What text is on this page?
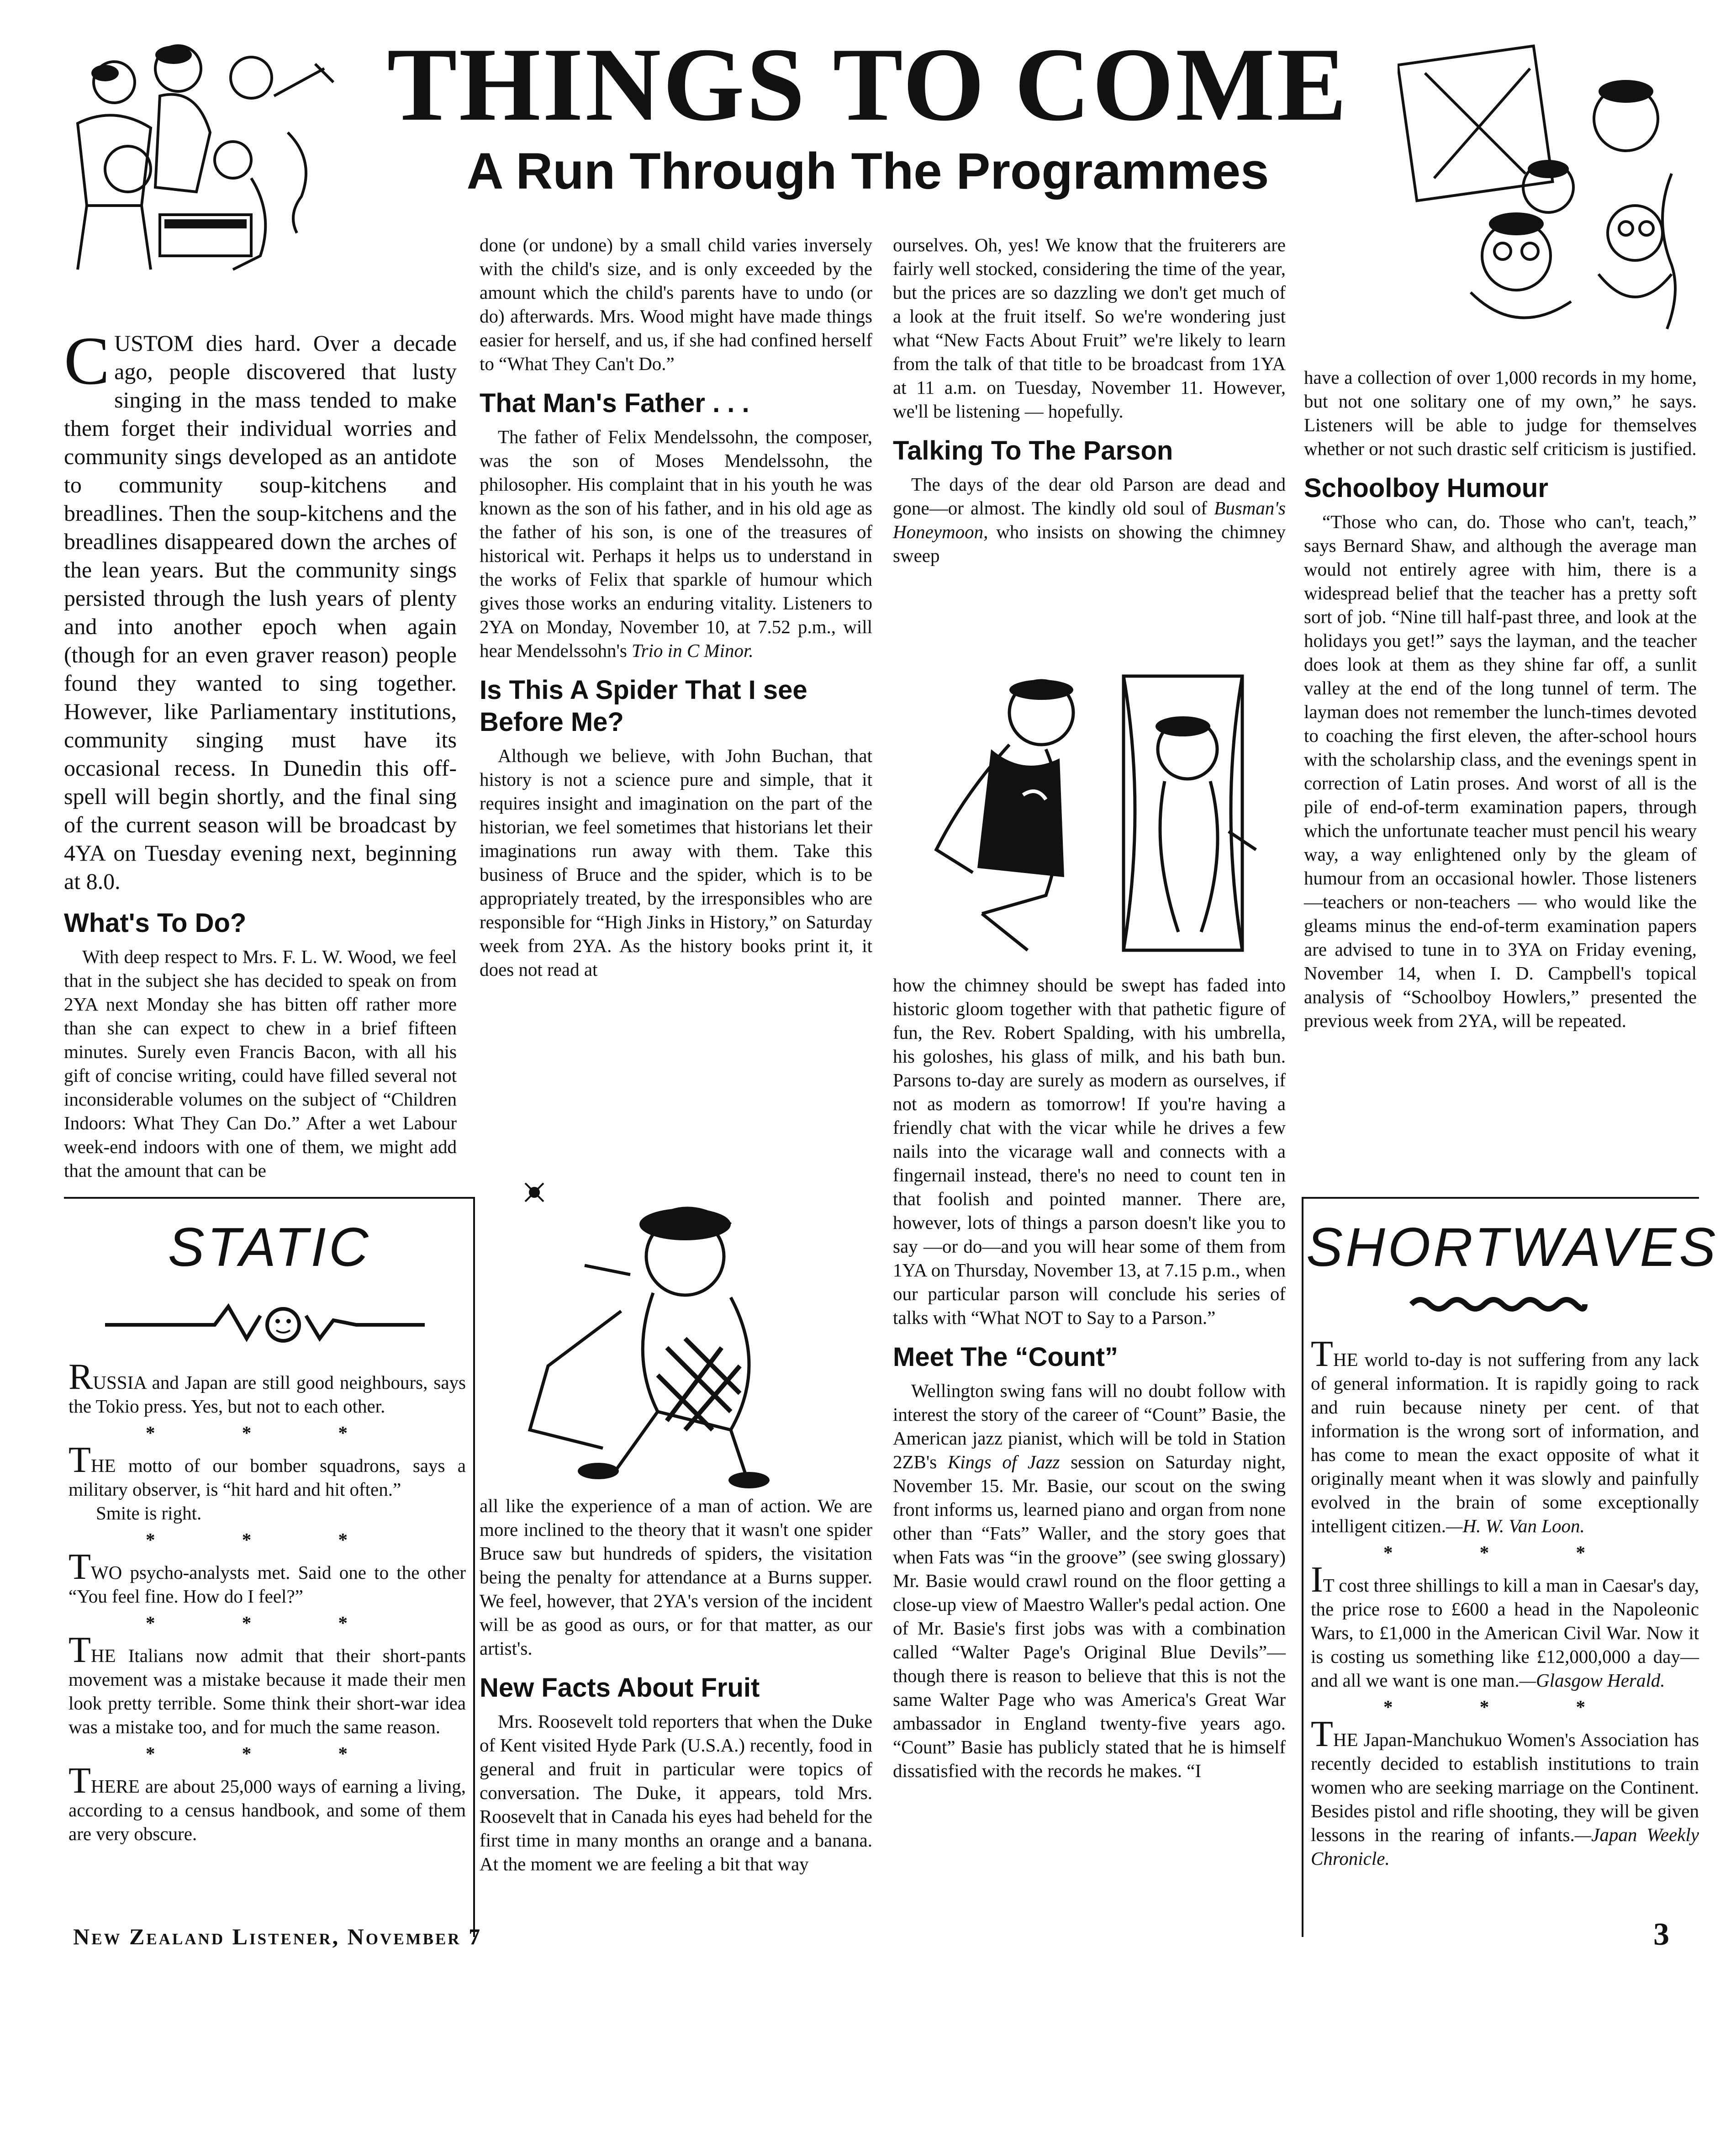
THINGS TO COME
A Run Through The Programmes

CUSTOM dies hard. Over a decade ago, people discovered that lusty singing in the mass tended to make them forget their individual worries and community sings developed as an antidote to community soup-kitchens and breadlines. Then the soup-kitchens and the breadlines disappeared down the arches of the lean years. But the community sings persisted through the lush years of plenty and into another epoch when again (though for an even graver reason) people found they wanted to sing together. However, like Parliamentary institutions, community singing must have its occasional recess. In Dunedin this off-spell will begin shortly, and the final sing of the current season will be broadcast by 4YA on Tuesday evening next, beginning at 8.0.

What's To Do?

With deep respect to Mrs. F. L. W. Wood, we feel that in the subject she has decided to speak on from 2YA next Monday she has bitten off rather more than she can expect to chew in a brief fifteen minutes. Surely even Francis Bacon, with all his gift of concise writing, could have filled several not inconsiderable volumes on the subject of “Children Indoors: What They Can Do.” After a wet Labour week-end indoors with one of them, we might add that the amount that can be

done (or undone) by a small child varies inversely with the child's size, and is only exceeded by the amount which the child's parents have to undo (or do) afterwards. Mrs. Wood might have made things easier for herself, and us, if she had confined herself to “What They Can't Do.”

That Man's Father . . .

The father of Felix Mendelssohn, the composer, was the son of Moses Mendelssohn, the philosopher. His complaint that in his youth he was known as the son of his father, and in his old age as the father of his son, is one of the treasures of historical wit. Perhaps it helps us to understand in the works of Felix that sparkle of humour which gives those works an enduring vitality. Listeners to 2YA on Monday, November 10, at 7.52 p.m., will hear Mendelssohn's Trio in C Minor.

Is This A Spider That I see Before Me?

Although we believe, with John Buchan, that history is not a science pure and simple, that it requires insight and imagination on the part of the historian, we feel sometimes that historians let their imaginations run away with them. Take this business of Bruce and the spider, which is to be appropriately treated, by the irresponsibles who are responsible for “High Jinks in History,” on Saturday week from 2YA. As the history books print it, it does not read at

all like the experience of a man of action. We are more inclined to the theory that it wasn't one spider Bruce saw but hundreds of spiders, the visitation being the penalty for attendance at a Burns supper. We feel, however, that 2YA's version of the incident will be as good as ours, or for that matter, as our artist's.

New Facts About Fruit

Mrs. Roosevelt told reporters that when the Duke of Kent visited Hyde Park (U.S.A.) recently, food in general and fruit in particular were topics of conversation. The Duke, it appears, told Mrs. Roosevelt that in Canada his eyes had beheld for the first time in many months an orange and a banana. At the moment we are feeling a bit that way

ourselves. Oh, yes! We know that the fruiterers are fairly well stocked, considering the time of the year, but the prices are so dazzling we don't get much of a look at the fruit itself. So we're wondering just what “New Facts About Fruit” we're likely to learn from the talk of that title to be broadcast from 1YA at 11 a.m. on Tuesday, November 11. However, we'll be listening — hopefully.

Talking To The Parson

The days of the dear old Parson are dead and gone—or almost. The kindly old soul of Busman's Honeymoon, who insists on showing the chimney sweep

how the chimney should be swept has faded into historic gloom together with that pathetic figure of fun, the Rev. Robert Spalding, with his umbrella, his goloshes, his glass of milk, and his bath bun. Parsons to-day are surely as modern as ourselves, if not as modern as tomorrow! If you're having a friendly chat with the vicar while he drives a few nails into the vicarage wall and connects with a fingernail instead, there's no need to count ten in that foolish and pointed manner. There are, however, lots of things a parson doesn't like you to say —or do—and you will hear some of them from 1YA on Thursday, November 13, at 7.15 p.m., when our particular parson will conclude his series of talks with “What NOT to Say to a Parson.”

Meet The “Count”

Wellington swing fans will no doubt follow with interest the story of the career of “Count” Basie, the American jazz pianist, which will be told in Station 2ZB's Kings of Jazz session on Saturday night, November 15. Mr. Basie, our scout on the swing front informs us, learned piano and organ from none other than “Fats” Waller, and the story goes that when Fats was “in the groove” (see swing glossary) Mr. Basie would crawl round on the floor getting a close-up view of Maestro Waller's pedal action. One of Mr. Basie's first jobs was with a combination called “Walter Page's Original Blue Devils”—though there is reason to believe that this is not the same Walter Page who was America's Great War ambassador in England twenty-five years ago. “Count” Basie has publicly stated that he is himself dissatisfied with the records he makes. “I

have a collection of over 1,000 records in my home, but not one solitary one of my own,” he says. Listeners will be able to judge for themselves whether or not such drastic self criticism is justified.

Schoolboy Humour

“Those who can, do. Those who can't, teach,” says Bernard Shaw, and although the average man would not entirely agree with him, there is a widespread belief that the teacher has a pretty soft sort of job. “Nine till half-past three, and look at the holidays you get!” says the layman, and the teacher does look at them as they shine far off, a sunlit valley at the end of the long tunnel of term. The layman does not remember the lunch-times devoted to coaching the first eleven, the after-school hours with the scholarship class, and the evenings spent in correction of Latin proses. And worst of all is the pile of end-of-term examination papers, through which the unfortunate teacher must pencil his weary way, a way enlightened only by the gleam of humour from an occasional howler. Those listeners—teachers or non-teachers — who would like the gleams minus the end-of-term examination papers are advised to tune in to 3YA on Friday evening, November 14, when I. D. Campbell's topical analysis of “Schoolboy Howlers,” presented the previous week from 2YA, will be repeated.

STATIC

RUSSIA and Japan are still good neighbours, says the Tokio press. Yes, but not to each other.

* * *

THE motto of our bomber squadrons, says a military observer, is “hit hard and hit often.”

Smite is right.

* * *

TWO psycho-analysts met. Said one to the other “You feel fine. How do I feel?”

* * *

THE Italians now admit that their short-pants movement was a mistake because it made their men look pretty terrible. Some think their short-war idea was a mistake too, and for much the same reason.

* * *

THERE are about 25,000 ways of earning a living, according to a census handbook, and some of them are very obscure.

SHORTWAVES

THE world to-day is not suffering from any lack of general information. It is rapidly going to rack and ruin because ninety per cent. of that information is the wrong sort of information, and has come to mean the exact opposite of what it originally meant when it was slowly and painfully evolved in the brain of some exceptionally intelligent citizen.—H. W. Van Loon.

* * *

IT cost three shillings to kill a man in Caesar's day, the price rose to £600 a head in the Napoleonic Wars, to £1,000 in the American Civil War. Now it is costing us something like £12,000,000 a day—and all we want is one man.—Glasgow Herald.

* * *

THE Japan-Manchukuo Women's Association has recently decided to establish institutions to train women who are seeking marriage on the Continent. Besides pistol and rifle shooting, they will be given lessons in the rearing of infants.—Japan Weekly Chronicle.

New Zealand Listener, November 7	3
